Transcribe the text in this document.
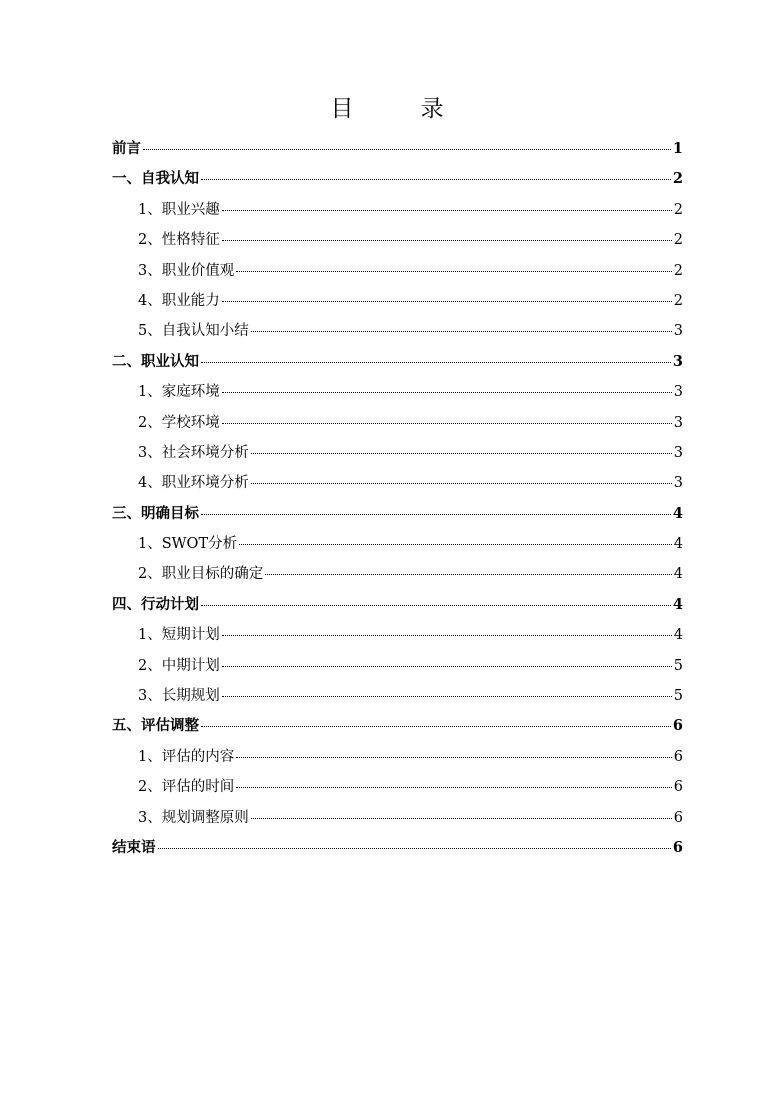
目　录
前言	1
一、自我认知	2
1、职业兴趣	2
2、性格特征	2
3、职业价值观	2
4、职业能力	2
5、自我认知小结	3
二、职业认知	3
1、家庭环境	3
2、学校环境	3
3、社会环境分析	3
4、职业环境分析	3
三、明确目标	4
1、SWOT分析	4
2、职业目标的确定	4
四、行动计划	4
1、短期计划	4
2、中期计划	5
3、长期规划	5
五、评估调整	6
1、评估的内容	6
2、评估的时间	6
3、规划调整原则	6
结束语	6
